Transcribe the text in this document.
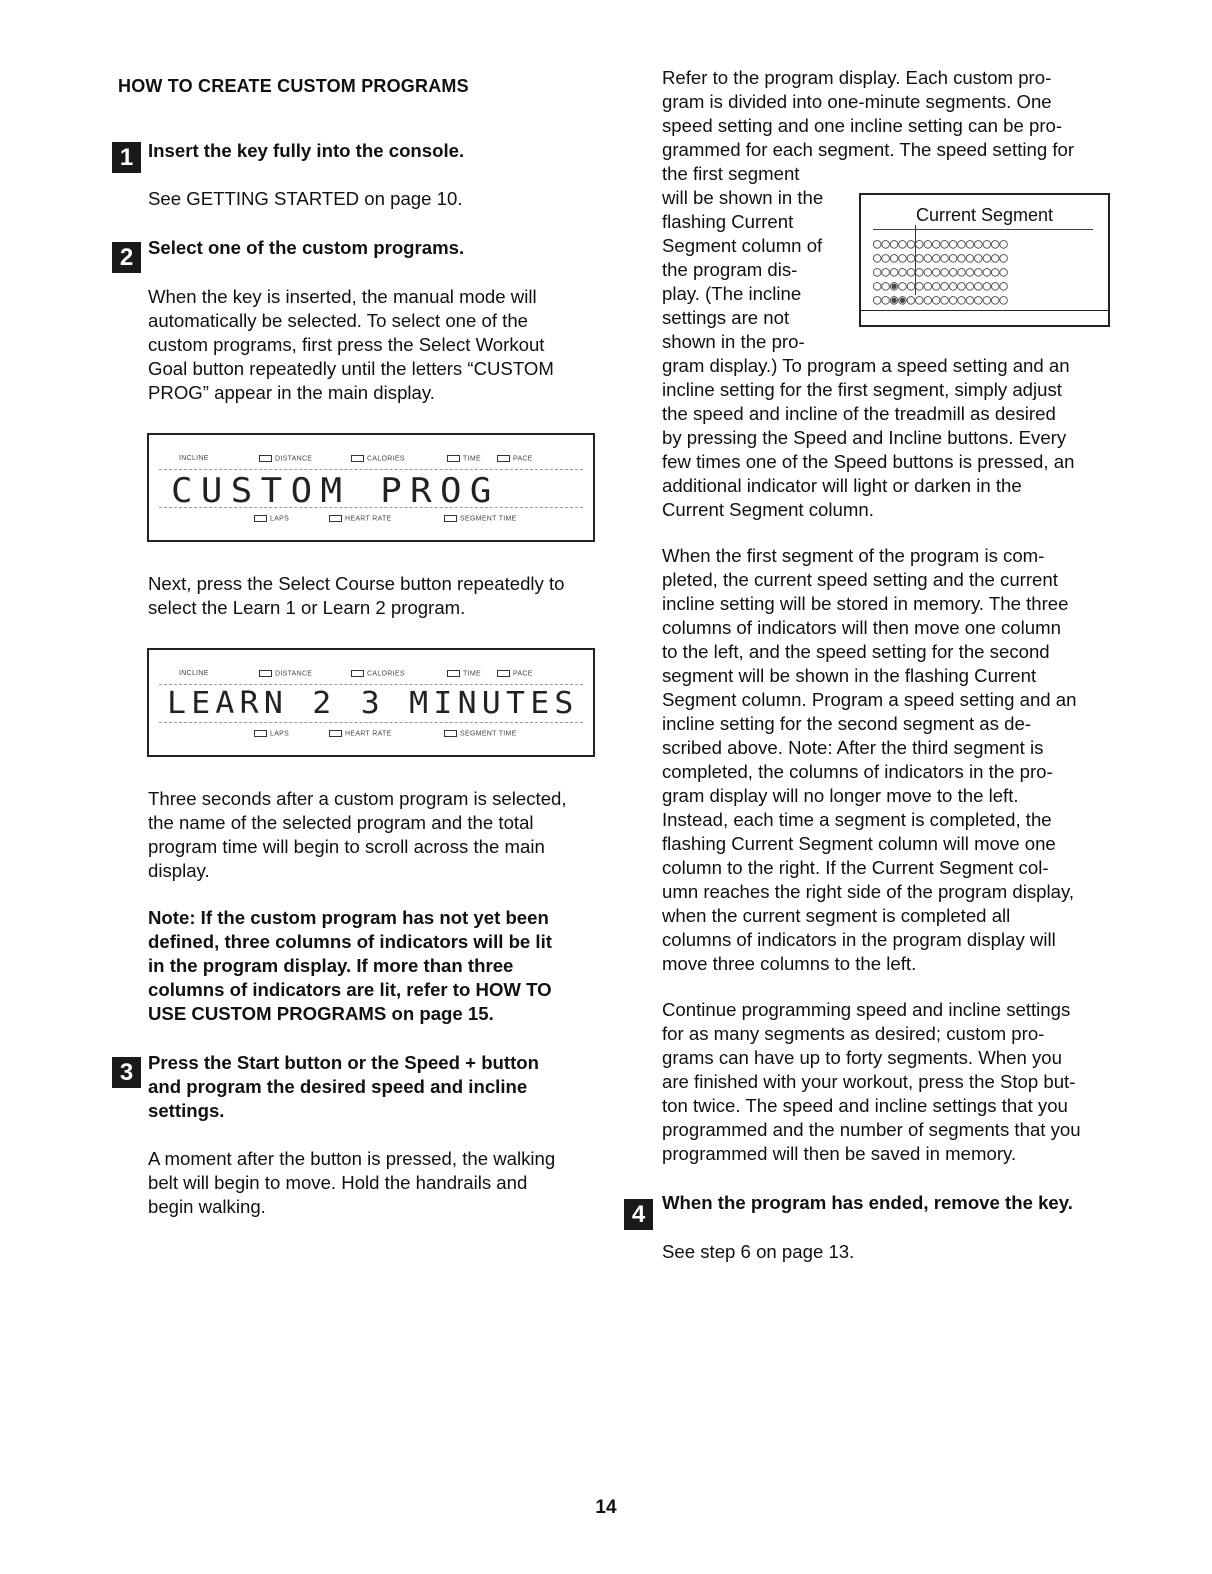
HOW TO CREATE CUSTOM PROGRAMS
1 Insert the key fully into the console.
See GETTING STARTED on page 10.
2 Select one of the custom programs.
When the key is inserted, the manual mode will
automatically be selected. To select one of the
custom programs, first press the Select Workout
Goal button repeatedly until the letters “CUSTOM
PROG” appear in the main display.
INCLINE	DISTANCE	CALORIES	TIME	PACE
CUSTOM PROG
LAPS	HEART RATE	SEGMENT TIME
Next, press the Select Course button repeatedly to
select the Learn 1 or Learn 2 program.
INCLINE	DISTANCE	CALORIES	TIME	PACE
LEARN 2 3 MINUTES
LAPS	HEART RATE	SEGMENT TIME
Three seconds after a custom program is selected,
the name of the selected program and the total
program time will begin to scroll across the main
display.
Note: If the custom program has not yet been
defined, three columns of indicators will be lit
in the program display. If more than three
columns of indicators are lit, refer to HOW TO
USE CUSTOM PROGRAMS on page 15.
3 Press the Start button or the Speed + button
and program the desired speed and incline
settings.
A moment after the button is pressed, the walking
belt will begin to move. Hold the handrails and
begin walking.
Refer to the program display. Each custom pro-
gram is divided into one-minute segments. One
speed setting and one incline setting can be pro-
grammed for each segment. The speed setting for
the first segment
will be shown in the
flashing Current
Segment column of
the program dis-
play. (The incline
settings are not
shown in the pro-
gram display.) To program a speed setting and an
incline setting for the first segment, simply adjust
the speed and incline of the treadmill as desired
by pressing the Speed and Incline buttons. Every
few times one of the Speed buttons is pressed, an
additional indicator will light or darken in the
Current Segment column.
Current Segment
○○○○○○○○○○○○○○○○
○○○○○○○○○○○○○○○○
○○○○○○○○○○○○○○○○
○○◉○○○○○○○○○○○○○
○○◉◉○○○○○○○○○○○○
When the first segment of the program is com-
pleted, the current speed setting and the current
incline setting will be stored in memory. The three
columns of indicators will then move one column
to the left, and the speed setting for the second
segment will be shown in the flashing Current
Segment column. Program a speed setting and an
incline setting for the second segment as de-
scribed above. Note: After the third segment is
completed, the columns of indicators in the pro-
gram display will no longer move to the left.
Instead, each time a segment is completed, the
flashing Current Segment column will move one
column to the right. If the Current Segment col-
umn reaches the right side of the program display,
when the current segment is completed all
columns of indicators in the program display will
move three columns to the left.
Continue programming speed and incline settings
for as many segments as desired; custom pro-
grams can have up to forty segments. When you
are finished with your workout, press the Stop but-
ton twice. The speed and incline settings that you
programmed and the number of segments that you
programmed will then be saved in memory.
4 When the program has ended, remove the key.
See step 6 on page 13.
14
